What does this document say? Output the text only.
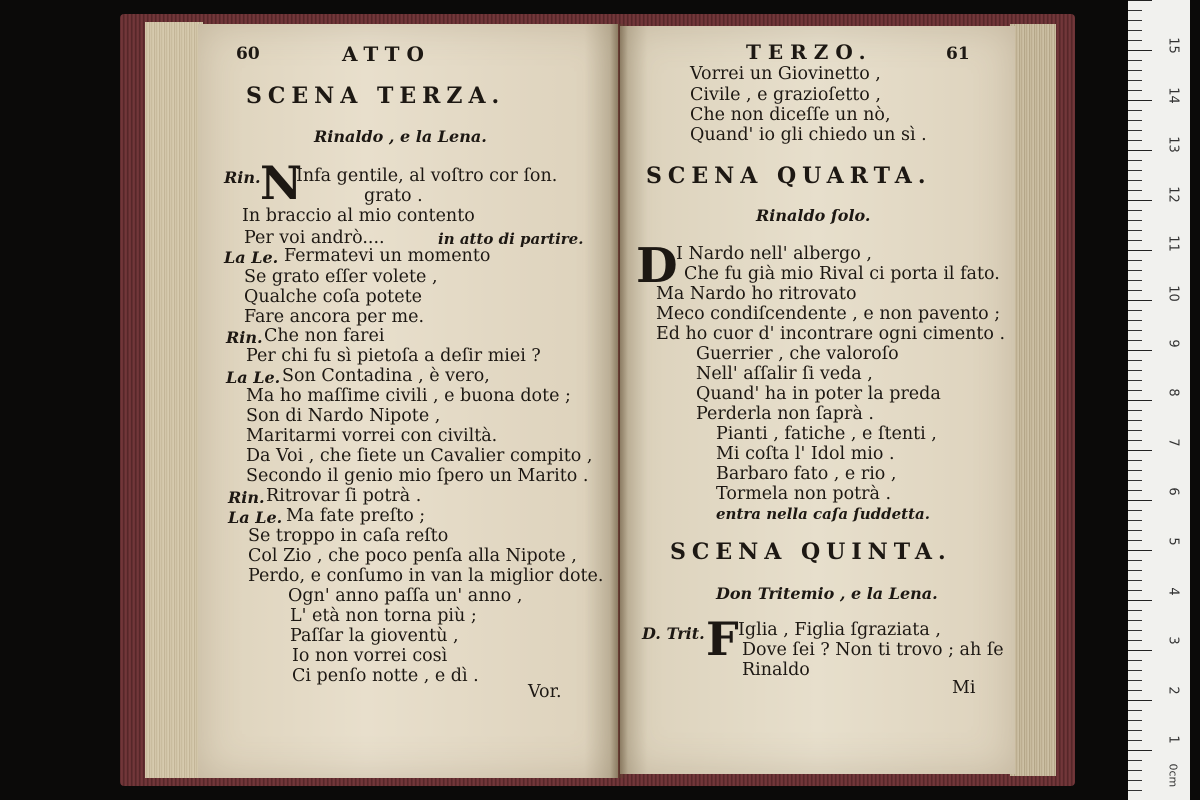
60	ATTO
SCENA TERZA.
Rinaldo , e la Lena.
Rin. N
Infa gentile, al voſtro cor ſon.
grato .
In braccio al mio contento
Per voi andrò....	in atto di partire.
La Le. Fermatevi un momento
Se grato eſſer volete ,
Qualche coſa potete
Fare ancora per me.
Rin. Che non farei
Per chi fu sì pietoſa a deſir miei ?
La Le. Son Contadina , è vero,
Ma ho maſſime civili , e buona dote ;
Son di Nardo Nipote ,
Maritarmi vorrei con civiltà.
Da Voi , che ſiete un Cavalier compito ,
Secondo il genio mio ſpero un Marito .
Rin. Ritrovar ſi potrà .
La Le. Ma fate preſto ;
Se troppo in caſa reſto
Col Zio , che poco penſa alla Nipote ,
Perdo, e conſumo in van la miglior dote.
Ogn' anno paſſa un' anno ,
L' età non torna più ;
Paſſar la gioventù ,
Io non vorrei così
Ci penſo notte , e dì .
Vor.
TERZO.	61
Vorrei un Giovinetto ,
Civile , e grazioſetto ,
Che non diceſſe un nò,
Quand' io gli chiedo un sì .
SCENA QUARTA.
Rinaldo ſolo.
D
I Nardo nell' albergo ,
Che fu già mio Rival ci porta il fato.
Ma Nardo ho ritrovato
Meco condiſcendente , e non pavento ;
Ed ho cuor d' incontrare ogni cimento .
Guerrier , che valoroſo
Nell' aſſalir ſi veda ,
Quand' ha in poter la preda
Perderla non ſaprà .
Pianti , fatiche , e ſtenti ,
Mi coſta l' Idol mio .
Barbaro fato , e rio ,
Tormela non potrà .
entra nella caſa ſuddetta.
SCENA QUINTA.
Don Tritemio , e la Lena.
D. Trit. F Iglia , Figlia ſgraziata ,
Dove ſei ? Non ti trovo ; ah ſe
Rinaldo
Mi
15
14
13
12
11
10
9
8
7
6
5
4
3
2
1
0cm
